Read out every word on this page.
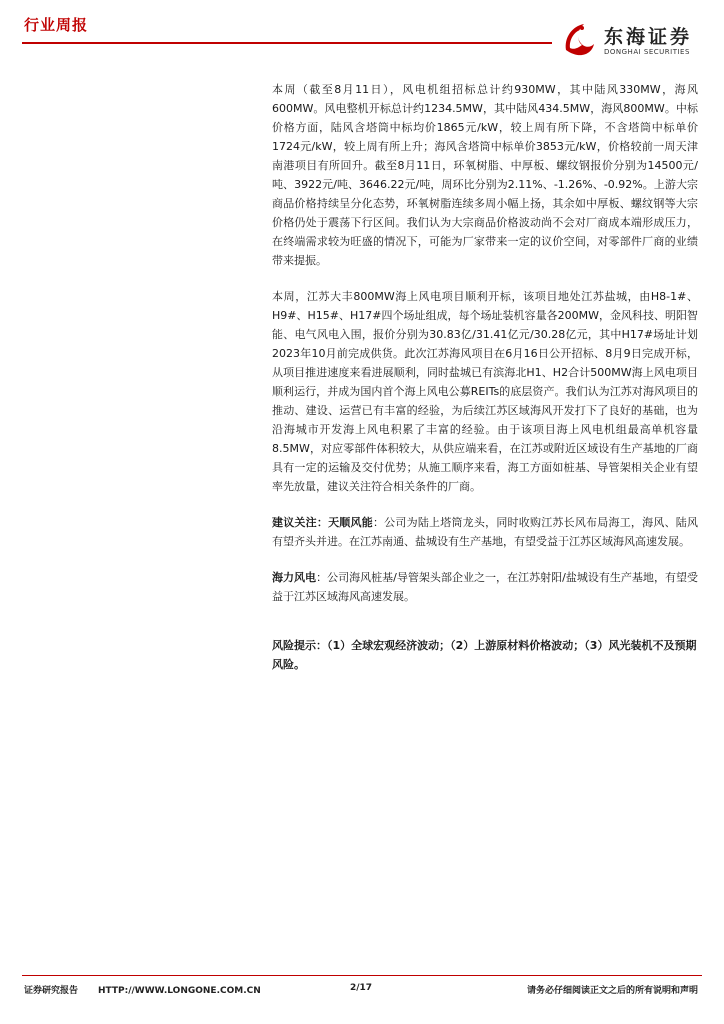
行业周报
东海证券
DONGHAI SECURITIES

本周（截至8月11日），风电机组招标总计约930MW，其中陆风330MW，海风600MW。风电整机开标总计约1234.5MW，其中陆风434.5MW，海风800MW。中标价格方面，陆风含塔筒中标均价1865元/kW，较上周有所下降，不含塔筒中标单价1724元/kW，较上周有所上升；海风含塔筒中标单价3853元/kW，价格较前一周天津南港项目有所回升。截至8月11日，环氧树脂、中厚板、螺纹钢报价分别为14500元/吨、3922元/吨、3646.22元/吨，周环比分别为2.11%、-1.26%、-0.92%。上游大宗商品价格持续呈分化态势，环氧树脂连续多周小幅上扬，其余如中厚板、螺纹钢等大宗价格仍处于震荡下行区间。我们认为大宗商品价格波动尚不会对厂商成本端形成压力，在终端需求较为旺盛的情况下，可能为厂家带来一定的议价空间，对零部件厂商的业绩带来提振。

本周，江苏大丰800MW海上风电项目顺利开标，该项目地处江苏盐城，由H8-1#、H9#、H15#、H17#四个场址组成，每个场址装机容量各200MW，金风科技、明阳智能、电气风电入围，报价分别为30.83亿/31.41亿元/30.28亿元，其中H17#场址计划2023年10月前完成供货。此次江苏海风项目在6月16日公开招标、8月9日完成开标，从项目推进速度来看进展顺利，同时盐城已有滨海北H1、H2合计500MW海上风电项目顺利运行，并成为国内首个海上风电公募REITs的底层资产。我们认为江苏对海风项目的推动、建设、运营已有丰富的经验，为后续江苏区域海风开发打下了良好的基础，也为沿海城市开发海上风电积累了丰富的经验。由于该项目海上风电机组最高单机容量8.5MW，对应零部件体积较大，从供应端来看，在江苏或附近区域设有生产基地的厂商具有一定的运输及交付优势；从施工顺序来看，海工方面如桩基、导管架相关企业有望率先放量，建议关注符合相关条件的厂商。

建议关注：天顺风能：公司为陆上塔筒龙头，同时收购江苏长风布局海工，海风、陆风有望齐头并进。在江苏南通、盐城设有生产基地，有望受益于江苏区域海风高速发展。

海力风电：公司海风桩基/导管架头部企业之一，在江苏射阳/盐城设有生产基地，有望受益于江苏区域海风高速发展。

风险提示：（1）全球宏观经济波动；（2）上游原材料价格波动；（3）风光装机不及预期风险。
证券研究报告 HTTP://WWW.LONGONE.COM.CN	2/17	请务必仔细阅读正文之后的所有说明和声明
